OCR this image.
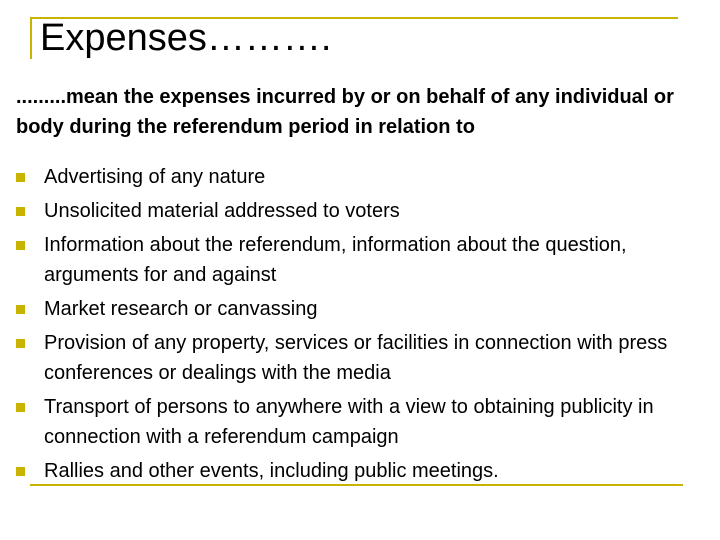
Expenses……….
.........mean the expenses incurred by or on behalf of any individual or body during the referendum period in relation to
Advertising of any nature
Unsolicited material addressed to voters
Information about the referendum, information about the question, arguments for and against
Market research or canvassing
Provision of any property, services or facilities in connection with press conferences or dealings with the media
Transport of persons to anywhere with a view to obtaining publicity in connection with a referendum campaign
Rallies and other events, including public meetings.
